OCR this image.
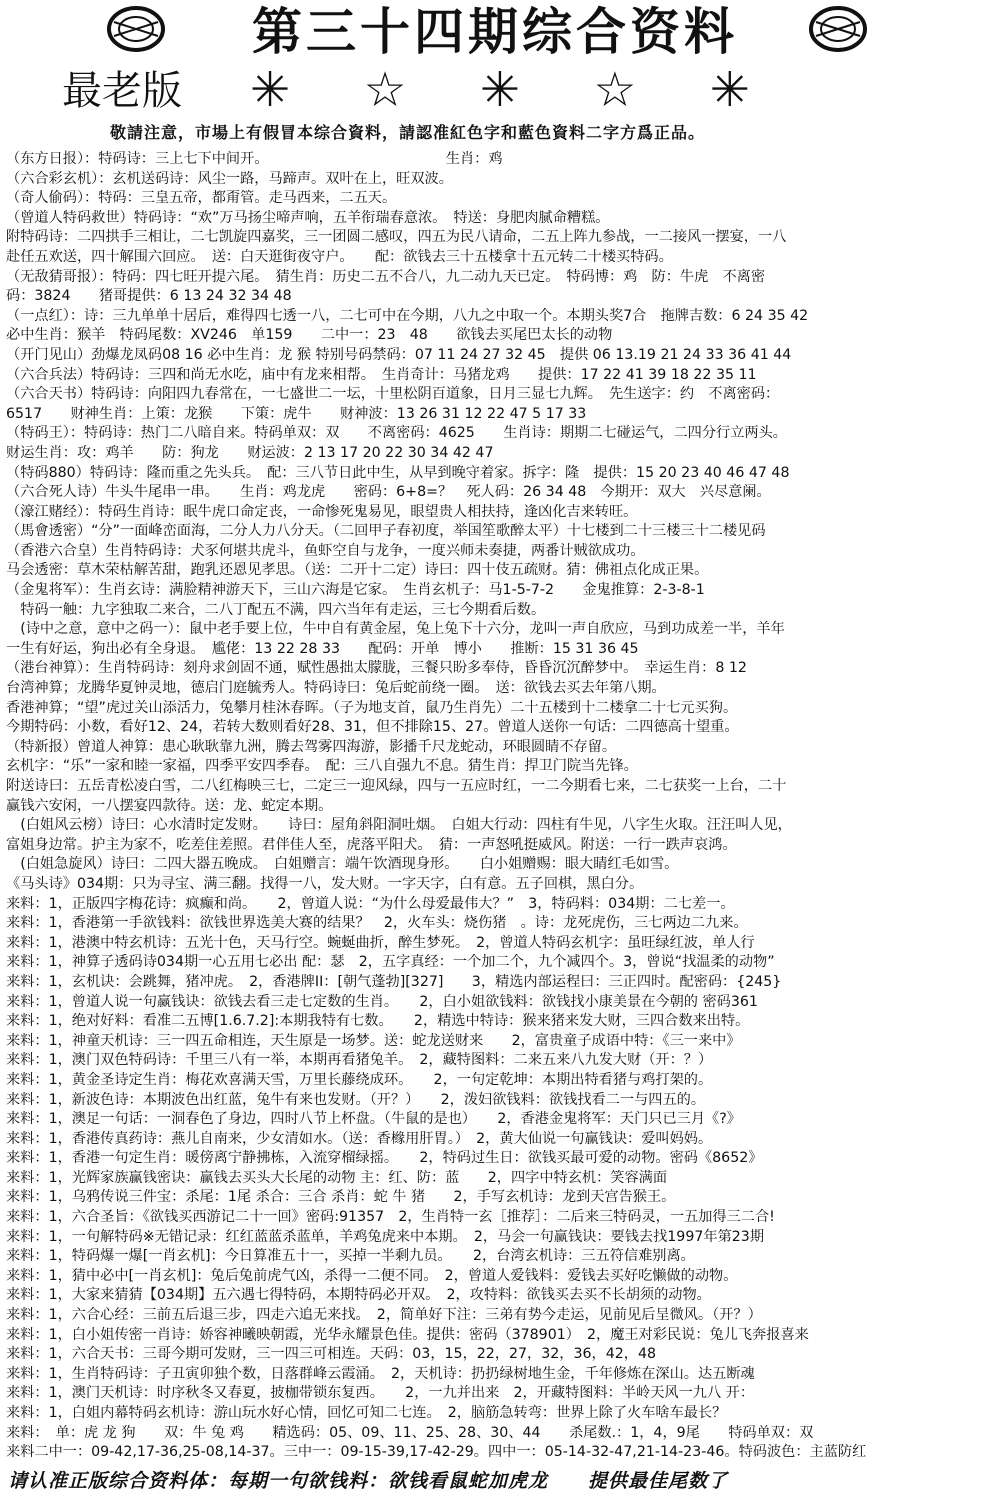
第三十四期综合资料
最老版 ✳ ☆ ✳ ☆ ✳
敬請注意，市場上有假冒本综合資料，請認准紅色字和藍色資料二字方爲正品。
（东方日报）：特码诗：三上七下中间开。　　　　　　　　　　　　　生肖：鸡
（六合彩玄机）：玄机送码诗：风尘一路，马蹄声。双叶在上，旺双波。
（奇人偷码）：特码：三皇五帝，都甭管。走马西来，二五天。
（曾道人特码救世）特码诗：“欢”万马扬尘啼声响，五羊衔瑞春意浓。　特送：身肥肉腻命糟糕。
附特码诗：二四拱手三相让，二七凯旋四嘉奖，三一团圆二感叹，四五为民八请命，二五上阵九参战，一二接风一摆宴，一八
赴任五欢送，四十解围六回应。　送：白天逛街夜守户。　　配：欲钱去三十五楼拿十五元转二十楼买特码。
（无敌猜哥报）：特码：四七旺开提六尾。　猜生肖：历史二五不合八，九二动九天已定。　特码博：鸡　防：牛虎　不离密
码：3824　　猪哥提供：6 13 24 32 34 48
（一点红）：诗：三九单单十居后，难得四七透一八，二七可中在今期，八九之中取一个。本期头奖7合　拖牌吉数：6 24 35 42
必中生肖：猴羊　特码尾数：XV246　单159　　二中一：23　48　　欲钱去买尾巴太长的动物
（开门见山）劲爆龙凤码08 16 必中生肖：龙 猴 特别号码禁码：07 11 24 27 32 45　提供 06 13.19 21 24 33 36 41 44
（六合兵法）特码诗：三四和尚无水吃，庙中有龙来相帮。　生肖奇计：马猪龙鸡　　提供：17 22 41 39 18 22 35 11
（六合天书）特码诗：向阳四九春常在，一七盛世二一坛，十里松阴百道象，日月三显七九辉。　先生送字：约　不离密码：
6517　　财神生肖：上策：龙猴　　下策：虎牛　　财神波：13 26 31 12 22 47 5 17 33
（特码王）：特码诗：热门二八暗自来。特码单双：双　　不离密码：4625　　生肖诗：期期二七碰运气，二四分行立两头。
财运生肖：攻：鸡羊　　防：狗龙　　财运波：2 13 17 20 22 30 34 42 47
（特码880）特码诗：隆而重之先头兵。　配：三八节日此中生，从早到晚守着家。拆字：隆　提供：15 20 23 40 46 47 48
（六合死人诗）牛头牛尾串一串。　　生肖：鸡龙虎　　密码：6+8=？　死人码：26 34 48　今期开：双大　兴尽意阑。
（濠江赌经）：特码生肖诗：眠牛虎口命定丧，一命惨死鬼易见，眼望贵人相扶持，逢凶化吉来转旺。
（馬會透密）“分”一面峰峦面海，二分人力八分天。（二回甲子春初度，举国笙歌醉太平）十七楼到二十三楼三十二楼见码
（香港六合皇）生肖特码诗：犬豕何堪共虎斗，鱼虾空自与龙争，一度兴师未奏捷，两番计贼欲成功。
马会透密：草木荣枯解苦甜，跑乳还恩见孝思。（送：二开十二定）诗曰：四十伎五疏财。猜：佛祖点化成正果。
（金鬼将军）：生肖玄诗：满脸精神游天下，三山六海是它家。　生肖玄机子：马1-5-7-2　　金鬼推算：2-3-8-1
　特码一触：九字独取二来合，二八丁配五不满，四六当年有走运，三七今期看后数。
　(诗中之意，意中之码一）：鼠中老手要上位，牛中自有黄金屋，兔上兔下十六分，龙叫一声自欣应，马到功成差一半，羊年
一生有好运，狗出必有全身退。　尴佬：13 22 28 33　　配码：开单　博小　　推断：15 31 36 45
（港台神算）：生肖特码诗：刻舟求剑固不通，赋性愚拙太朦胧，三餐只盼多奉侍，昏昏沉沉醉梦中。　幸运生肖：8 12
台湾神算；龙腾华夏钟灵地，德启门庭毓秀人。特码诗曰：兔后蛇前绕一圈。　送：欲钱去买去年第八期。
香港神算；“望”虎过关山添活力，兔攀月桂沐春晖。（子为地支首，鼠乃生肖先）二十五楼到十二楼拿二十七元买狗。
今期特码：小数，看好12、24，若转大数则看好28、31，但不排除15、27。曾道人送你一句话：二四德高十望重。
（特新报）曾道人神算：患心耿耿靠九洲，腾去驾雾四海游，影播千尺龙蛇动，环眼圆睛不存留。
玄机字：“乐”一家和睦一家福，四季平安四季春。　配：三八自强九不息。猜生肖：捍卫门院当先锋。
附送诗曰：五岳青松凌白雪，二八红梅映三七，二定三一迎风绿，四与一五应时红，一二今期看七来，二七获奖一上台，二十
赢钱六安闲，一八摆宴四款待。送：龙、蛇定本期。
　(白姐风云榜）诗曰：心水清时定发财。　　诗曰：屋角斜阳洞吐烟。　白姐大行动：四柱有牛见，八字生火取。汪汪叫人见，
富姐身边常。护主为家不，吃差住差照。君伴佳人至，虎落平阳犬。　猜：一声怒吼挺威风。附送：一行一跌声哀鸿。
　(白姐急旋风）诗曰：二四大器五晚成。　白姐赠言：端午饮酒现身形。　　白小姐赠赐：眼大睛红毛如雪。
《马头诗》034期：只为寻宝、满三翻。找得一八，发大财。一字天字，白有意。五子回棋，黑白分。
来料：1，正版四字梅花诗：疯癫和尚。　　2，曾道人说：“为什么母爱最伟大？”　3，特码料：034期：二七差一。
来料：1，香港第一手欲钱料：欲钱世界选美大赛的结果？　2，火车头：烧伤猪　。诗：龙死虎伤，三七两边二九来。
来料：1，港澳中特玄机诗：五光十色，天马行空。蜿蜒曲折，醉生梦死。　2，曾道人特码玄机字：虽旺绿红波，单人行
来料：1，神算子透码诗034期一心五用七必出 配：瑟　2，五字真经：一个加二个，九个减四个。3，曾说“找温柔的动物”
来料：1，玄机诀：会跳舞，猪冲虎。　2，香港牌II：[朝气蓬勃][327]　　3，精选内部运程曰：三正四时。配密码：{245}
来料：1，曾道人说一句赢钱诀：欲钱去看三走七定数的生肖。　　2，白小姐欲钱料：欲钱找小康美景在今朝的 密码361
来料：1，绝对好料：看准二五博[1.6.7.2]:本期我特有七数。　　2，精选中特诗：猴来猪来发大财，三四合数来出特。
来料：1，神童天机诗：三一四五命相连，天生原是一场梦。送：蛇龙送财来　　2，富贵童子成语中特：《三一来中》
来料：1，澳门双色特码诗：千里三八有一举，本期再看猪兔羊。　2，藏特图料：二来五来八九发大财（开：？）
来料：1，黄金圣诗定生肖：梅花欢喜满天雪，万里长藤绕成环。　　2，一句定乾坤：本期出特看猪与鸡打架的。
来料：1，新波色诗：本期波色出红蓝，兔牛有来也发财。（开？）　　2，泼妇欲钱料：欲钱找看二一与四五的。
来料：1，澳足一句话：一洞春色了身边，四时八节上杯盘。（牛鼠的是也）　　2，香港金鬼将军：天门只已三月《?》
来料：1，香港传真药诗：燕儿自南来，少女清如水。（送：香橼用肝胃。）　2，黄大仙说一句赢钱诀：爱叫妈妈。
来料：1，香港一句定生肖：暖傍离宁静拂栋，入流穿榴绿摇。　　2，特码过生日：欲钱买最可爱的动物。密码《8652》
来料：1，光辉家族赢钱密诀：赢钱去买头大长尾的动物 主：红、防：蓝　　2，四字中特玄机：笑容满面
来料：1，乌鸦传说三件宝：杀尾：1尾 杀合：三合 杀肖：蛇 牛 猪　　2，手写玄机诗：龙到天宫告猴王。
来料：1，六合圣旨：《欲钱买西游记二十一回》密码:91357　2，生肖特一玄［推荐］：二后来三特码灵，一五加得三二合!
来料：1，一句解特码※无错记录：红红蓝蓝杀蓝单，羊鸡兔虎来中本期。　2，马会一句赢钱诀：要钱去找1997年第23期
来料：1，特码爆一爆[一肖玄机]：今日算准五十一，买掉一半剩九员。　　2，台湾玄机诗：三五符信难别离。
来料：1，猜中必中[一肖玄机]：兔后兔前虎气凶，杀得一二便不同。　2，曾道人爱钱料：爱钱去买好吃懒做的动物。
来料：1，大家来猜猜【034期】五六遇七得特码，本期特码必开双。　2，攻特料：欲钱买去买不长胡须的动物。
来料：1，六合心经：三前五后退三步，四走六追无来找。　2，简单好下注：三弟有势今走运，见前见后呈微风。（开？）
来料：1，白小姐传密一肖诗：娇容神曦映朝霞，光华永耀景色佳。提供：密码（378901）　2，魔王对彩民说：兔儿飞奔报喜来
来料：1，六合天书：三哥今期可发财，三一四三可相连。天码：03，15，22，27，32，36，42，48
来料：1，生肖特码诗：子丑寅卯独个数，日落群峰云霞涌。　2，天机诗：扔扔绿树地生金，千年修炼在深山。达五断魂
来料：1，澳门天机诗：时序秋冬又春夏，披枷带锁东复西。　　2，一九并出来　2，开藏特图料：半岭天风一九八 开：
来料：1，白姐内幕特码玄机诗：游山玩水好心情，回忆可知二七连。　2，脑筋急转弯：世界上除了火车啥车最长？
来料：　单：虎 龙 狗　　双：牛 兔 鸡　　精选码：05、09、11、25、28、30、44　　杀尾数.：1，4，9尾　　特码单双：双
来料二中一：09-42,17-36,25-08,14-37。三中一：09-15-39,17-42-29。四中一：05-14-32-47,21-14-23-46。特码波色：主蓝防红
请认准正版综合资料体：每期一句欲钱料：欲钱看鼠蛇加虎龙　　提供最佳尾数了
